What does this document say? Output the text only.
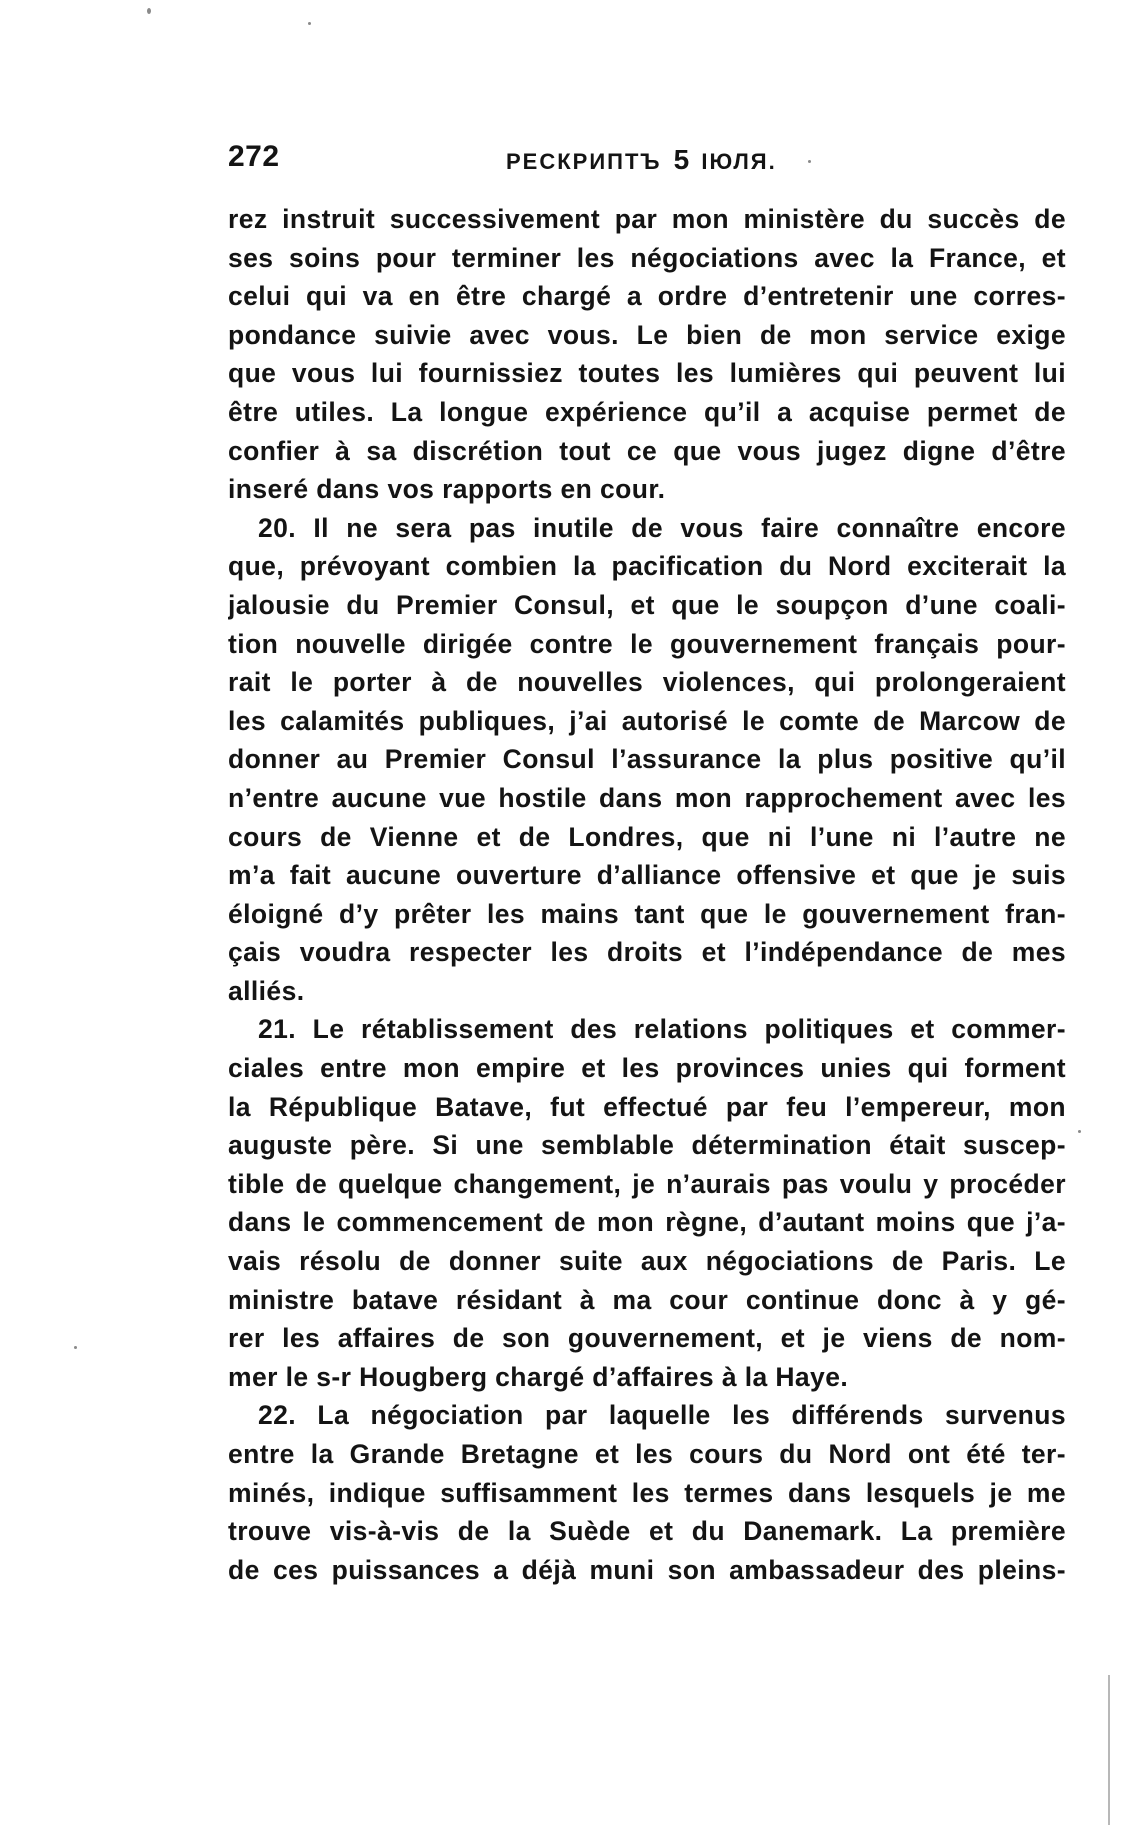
272	РЕСКРИПТЪ 5 ІЮЛЯ.
rez instruit successivement par mon ministère du succès de
ses soins pour terminer les négociations avec la France, et
celui qui va en être chargé a ordre d’entretenir une corres-
pondance suivie avec vous. Le bien de mon service exige
que vous lui fournissiez toutes les lumières qui peuvent lui
être utiles. La longue expérience qu’il a acquise permet de
confier à sa discrétion tout ce que vous jugez digne d’être
inseré dans vos rapports en cour.
20. Il ne sera pas inutile de vous faire connaître encore
que, prévoyant combien la pacification du Nord exciterait la
jalousie du Premier Consul, et que le soupçon d’une coali-
tion nouvelle dirigée contre le gouvernement français pour-
rait le porter à de nouvelles violences, qui prolongeraient
les calamités publiques, j’ai autorisé le comte de Marcow de
donner au Premier Consul l’assurance la plus positive qu’il
n’entre aucune vue hostile dans mon rapprochement avec les
cours de Vienne et de Londres, que ni l’une ni l’autre ne
m’a fait aucune ouverture d’alliance offensive et que je suis
éloigné d’y prêter les mains tant que le gouvernement fran-
çais voudra respecter les droits et l’indépendance de mes
alliés.
21. Le rétablissement des relations politiques et commer-
ciales entre mon empire et les provinces unies qui forment
la République Batave, fut effectué par feu l’empereur, mon
auguste père. Si une semblable détermination était suscep-
tible de quelque changement, je n’aurais pas voulu y procéder
dans le commencement de mon règne, d’autant moins que j’a-
vais résolu de donner suite aux négociations de Paris. Le
ministre batave résidant à ma cour continue donc à y gé-
rer les affaires de son gouvernement, et je viens de nom-
mer le s-r Hougberg chargé d’affaires à la Haye.
22. La négociation par laquelle les différends survenus
entre la Grande Bretagne et les cours du Nord ont été ter-
minés, indique suffisamment les termes dans lesquels je me
trouve vis-à-vis de la Suède et du Danemark. La première
de ces puissances a déjà muni son ambassadeur des pleins-
